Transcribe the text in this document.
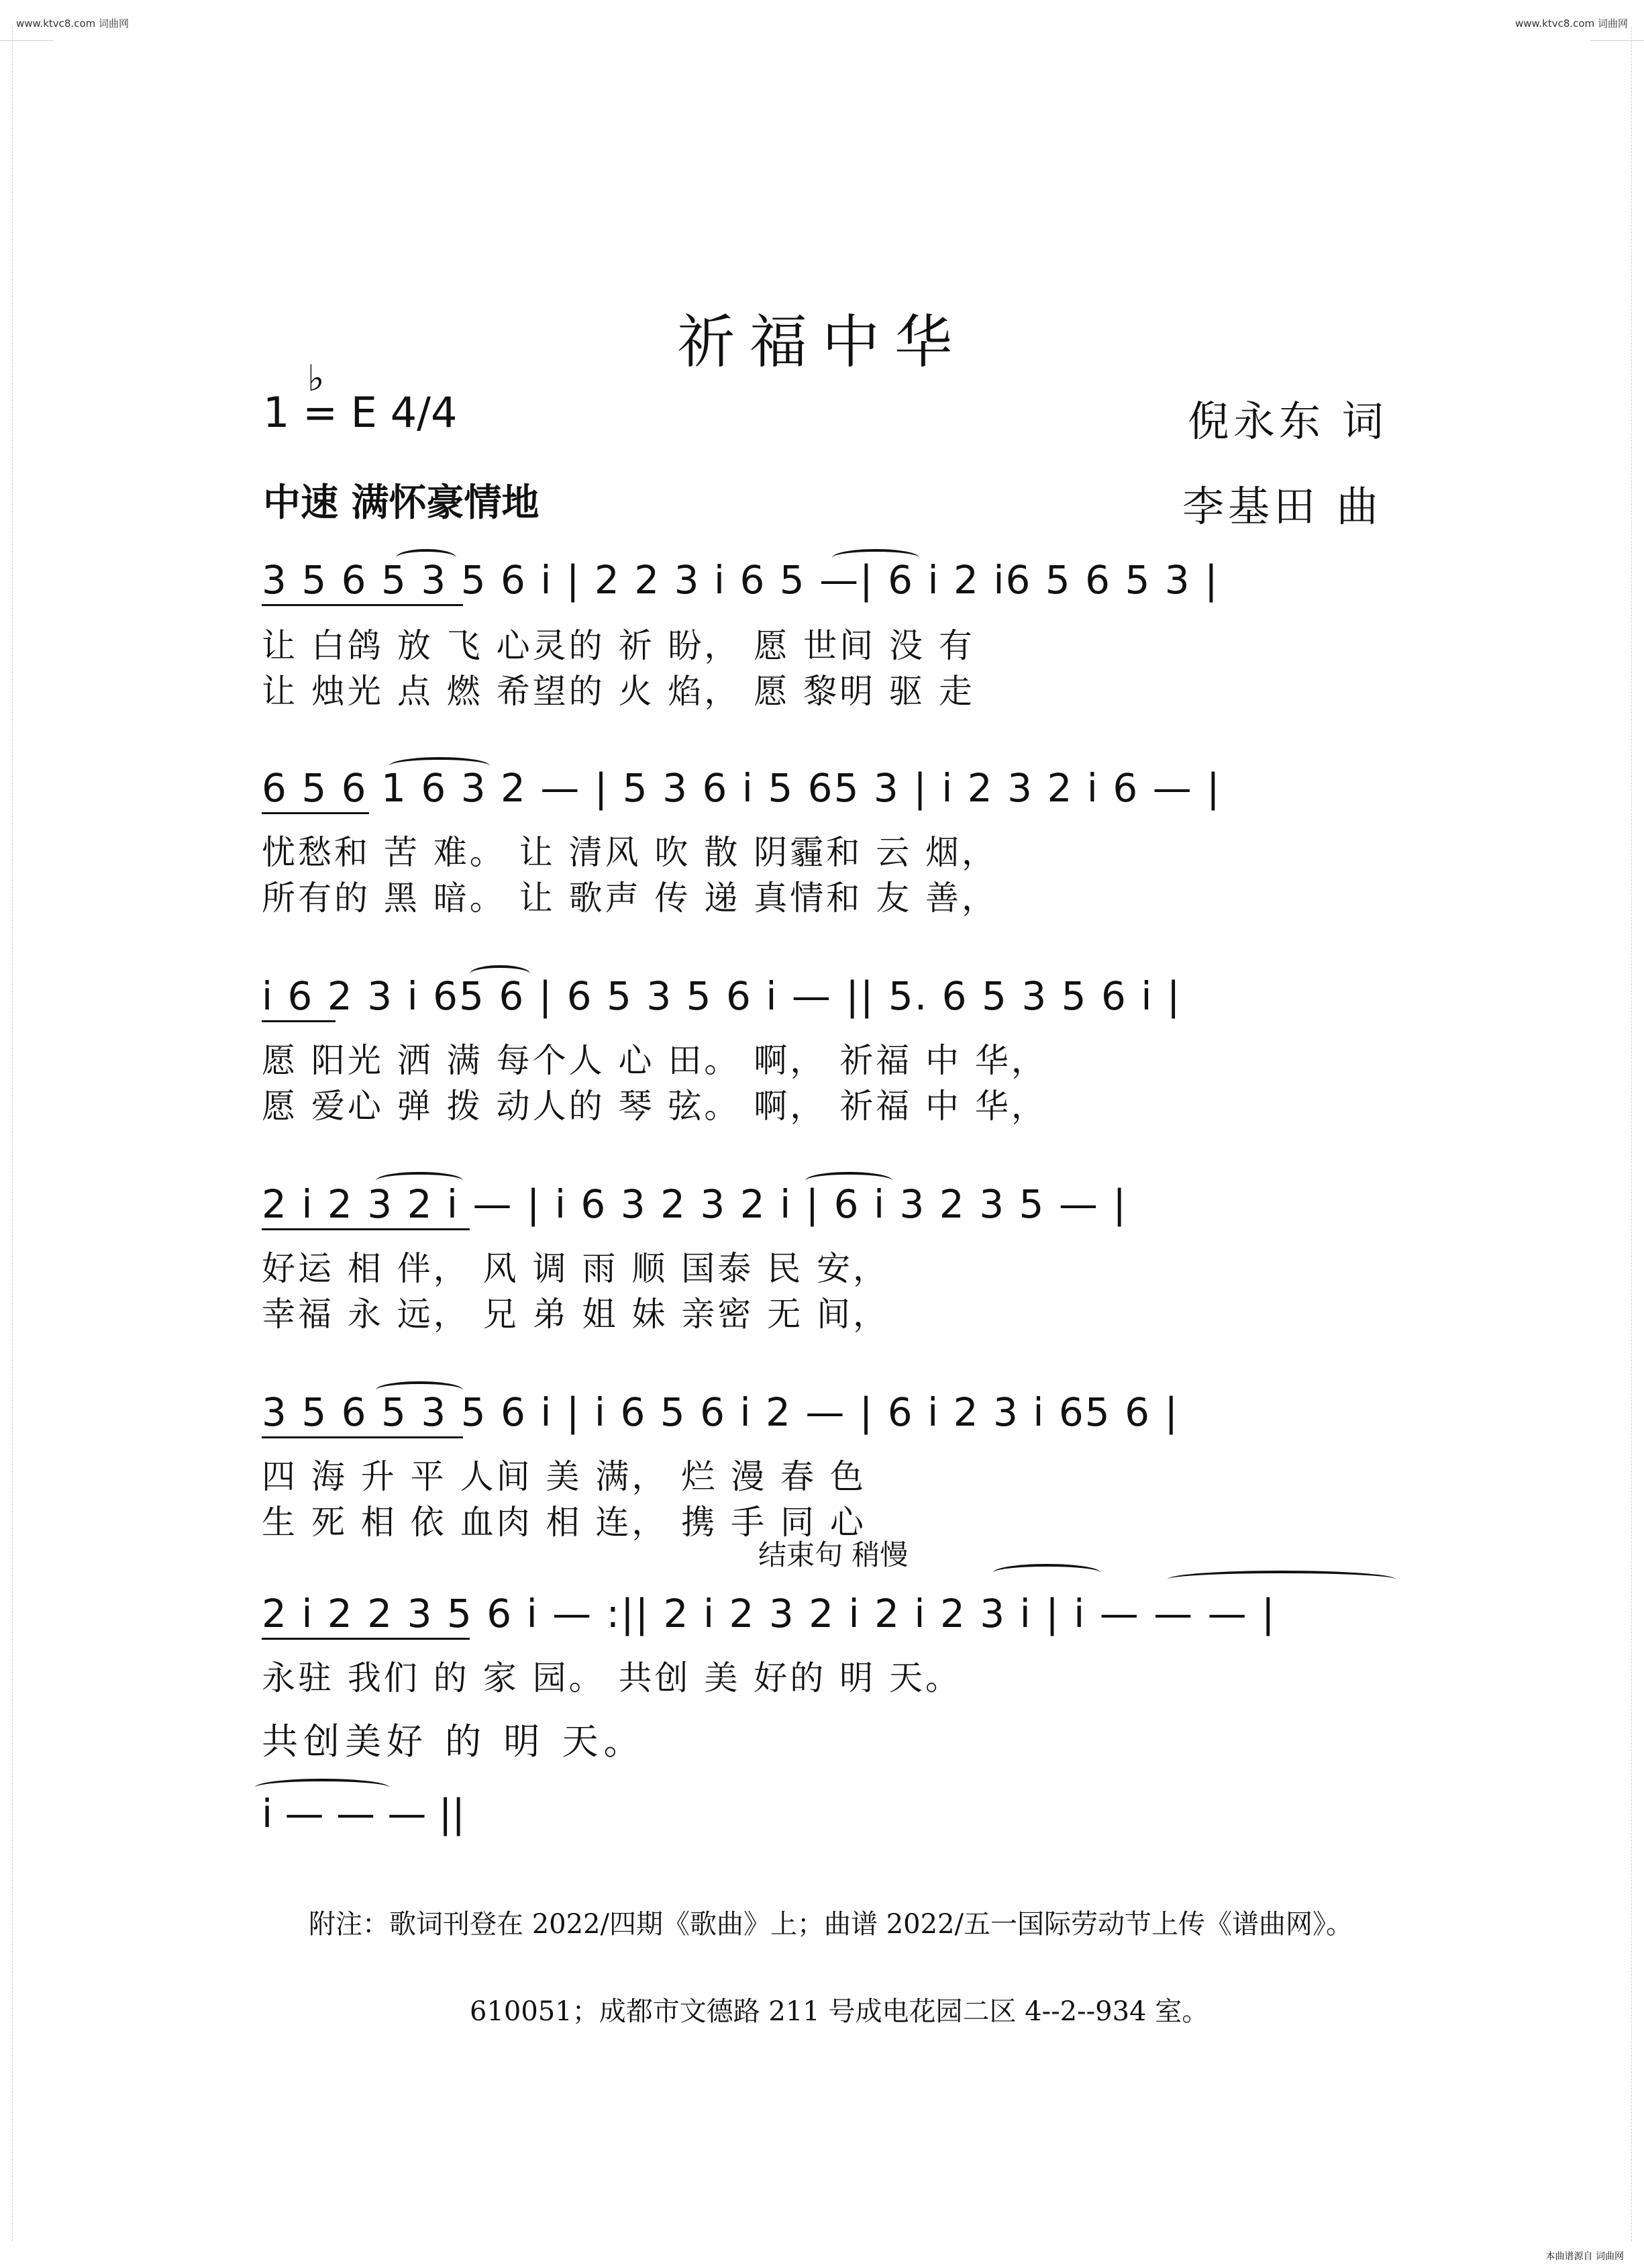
www.ktvc8.com 词曲网	www.ktvc8.com 词曲网
祈福中华
♭
1 = E 4/4	倪永东 词
中速 满怀豪情地	李基田 曲
3 5 6 5 3 5 6 i | 2 2 3 i 6 5 —| 6 i 2 i6 5 6 5 3 |
让 白鸽 放 飞 心灵的 祈 盼， 愿 世间 没 有
让 烛光 点 燃 希望的 火 焰， 愿 黎明 驱 走
6 5 6 1 6 3 2 — | 5 3 6 i 5 65 3 | i 2 3 2 i 6 — |
忧愁和 苦 难。 让 清风 吹 散 阴霾和 云 烟，
所有的 黑 暗。 让 歌声 传 递 真情和 友 善，
i 6 2 3 i 65 6 | 6 5 3 5 6 i — || 5. 6 5 3 5 6 i |
愿 阳光 洒 满 每个人 心 田。 啊， 祈福 中 华，
愿 爱心 弹 拨 动人的 琴 弦。 啊， 祈福 中 华，
2 i 2 3 2 i — | i 6 3 2 3 2 i | 6 i 3 2 3 5 — |
好运 相 伴， 风 调 雨 顺 国泰 民 安，
幸福 永 远， 兄 弟 姐 妹 亲密 无 间，
3 5 6 5 3 5 6 i | i 6 5 6 i 2 — | 6 i 2 3 i 65 6 |
四 海 升 平 人间 美 满， 烂 漫 春 色
生 死 相 依 血肉 相 连， 携 手 同 心
结束句 稍慢
2 i 2 2 3 5 6 i — :|| 2 i 2 3 2 i 2 i 2 3 i | i — — — |
永驻 我们 的 家 园。 共创 美 好的 明 天。
共创美好 的 明 天。
i — — — ||
附注：歌词刊登在 2022/四期《歌曲》上；曲谱 2022/五一国际劳动节上传《谱曲网》。
610051；成都市文德路 211 号成电花园二区 4--2--934 室。
本曲谱源自 词曲网
